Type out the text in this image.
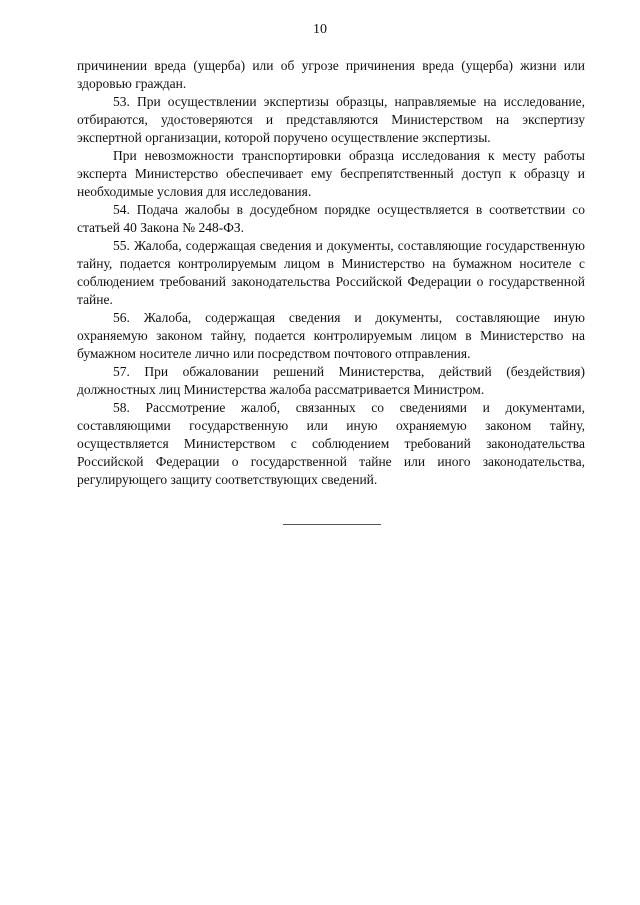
10

причинении вреда (ущерба) или об угрозе причинения вреда (ущерба) жизни или здоровью граждан.

53. При осуществлении экспертизы образцы, направляемые на исследование, отбираются, удостоверяются и представляются Министерством на экспертизу экспертной организации, которой поручено осуществление экспертизы.

При невозможности транспортировки образца исследования к месту работы эксперта Министерство обеспечивает ему беспрепятственный доступ к образцу и необходимые условия для исследования.

54. Подача жалобы в досудебном порядке осуществляется в соответствии со статьей 40 Закона № 248-ФЗ.

55. Жалоба, содержащая сведения и документы, составляющие государственную тайну, подается контролируемым лицом в Министерство на бумажном носителе с соблюдением требований законодательства Российской Федерации о государственной тайне.

56. Жалоба, содержащая сведения и документы, составляющие иную охраняемую законом тайну, подается контролируемым лицом в Министерство на бумажном носителе лично или посредством почтового отправления.

57. При обжаловании решений Министерства, действий (бездействия) должностных лиц Министерства жалоба рассматривается Министром.

58. Рассмотрение жалоб, связанных со сведениями и документами, составляющими государственную или иную охраняемую законом тайну, осуществляется Министерством с соблюдением требований законодательства Российской Федерации о государственной тайне или иного законодательства, регулирующего защиту соответствующих сведений.
